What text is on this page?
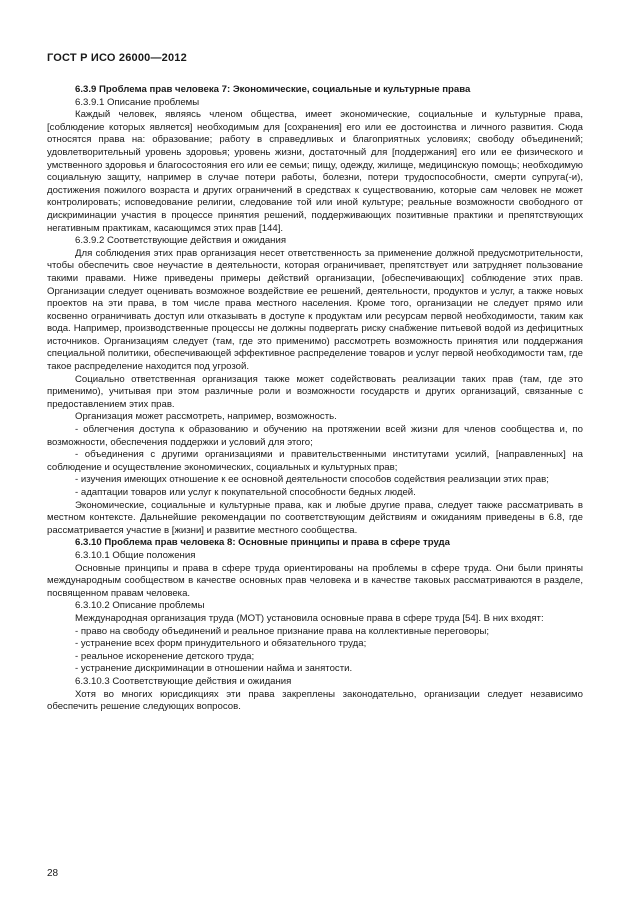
ГОСТ Р ИСО 26000—2012

6.3.9 Проблема прав человека 7: Экономические, социальные и культурные права

6.3.9.1 Описание проблемы

Каждый человек, являясь членом общества, имеет экономические, социальные и культурные права, [соблюдение которых является] необходимым для [сохранения] его или ее достоинства и личного развития. Сюда относятся права на: образование; работу в справедливых и благоприятных условиях; свободу объединений; удовлетворительный уровень здоровья; уровень жизни, достаточный для [поддержания] его или ее физического и умственного здоровья и благосостояния его или ее семьи; пищу, одежду, жилище, медицинскую помощь; необходимую социальную защиту, например в случае потери работы, болезни, потери трудоспособности, смерти супруга(-и), достижения пожилого возраста и других ограничений в средствах к существованию, которые сам человек не может контролировать; исповедование религии, следование той или иной культуре; реальные возможности свободного от дискриминации участия в процессе принятия решений, поддерживающих позитивные практики и препятствующих негативным практикам, касающимся этих прав [144].

6.3.9.2 Соответствующие действия и ожидания

Для соблюдения этих прав организация несет ответственность за применение должной предусмотрительности, чтобы обеспечить свое неучастие в деятельности, которая ограничивает, препятствует или затрудняет пользование такими правами. Ниже приведены примеры действий организации, [обеспечивающих] соблюдение этих прав. Организации следует оценивать возможное воздействие ее решений, деятельности, продуктов и услуг, а также новых проектов на эти права, в том числе права местного населения. Кроме того, организации не следует прямо или косвенно ограничивать доступ или отказывать в доступе к продуктам или ресурсам первой необходимости, таким как вода. Например, производственные процессы не должны подвергать риску снабжение питьевой водой из дефицитных источников. Организациям следует (там, где это применимо) рассмотреть возможность принятия или поддержания специальной политики, обеспечивающей эффективное распределение товаров и услуг первой необходимости там, где такое распределение находится под угрозой.

Социально ответственная организация также может содействовать реализации таких прав (там, где это применимо), учитывая при этом различные роли и возможности государств и других организаций, связанные с предоставлением этих прав.

Организация может рассмотреть, например, возможность.

- облегчения доступа к образованию и обучению на протяжении всей жизни для членов сообщества и, по возможности, обеспечения поддержки и условий для этого;

- объединения с другими организациями и правительственными институтами усилий, [направленных] на соблюдение и осуществление экономических, социальных и культурных прав;

- изучения имеющих отношение к ее основной деятельности способов содействия реализации этих прав;

- адаптации товаров или услуг к покупательной способности бедных людей.

Экономические, социальные и культурные права, как и любые другие права, следует также рассматривать в местном контексте. Дальнейшие рекомендации по соответствующим действиям и ожиданиям приведены в 6.8, где рассматривается участие в [жизни] и развитие местного сообщества.

6.3.10 Проблема прав человека 8: Основные принципы и права в сфере труда

6.3.10.1 Общие положения

Основные принципы и права в сфере труда ориентированы на проблемы в сфере труда. Они были приняты международным сообществом в качестве основных прав человека и в качестве таковых рассматриваются в разделе, посвященном правам человека.

6.3.10.2 Описание проблемы

Международная организация труда (МОТ) установила основные права в сфере труда [54]. В них входят:

- право на свободу объединений и реальное признание права на коллективные переговоры;

- устранение всех форм принудительного и обязательного труда;

- реальное искоренение детского труда;

- устранение дискриминации в отношении найма и занятости.

6.3.10.3 Соответствующие действия и ожидания

Хотя во многих юрисдикциях эти права закреплены законодательно, организации следует независимо обеспечить решение следующих вопросов.

28
